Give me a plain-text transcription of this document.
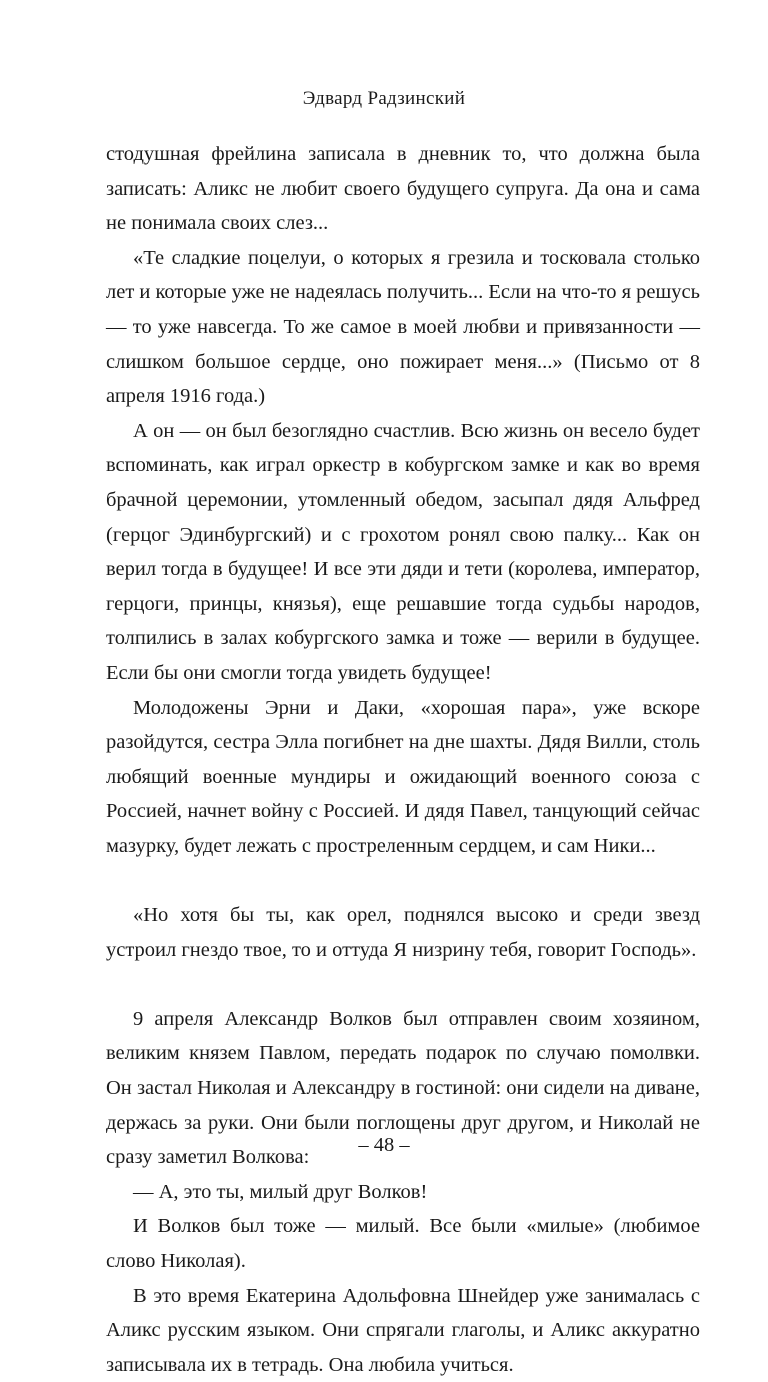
Эдвард Радзинский

стодушная фрейлина записала в дневник то, что должна была записать: Аликс не любит своего будущего супруга. Да она и сама не понимала своих слез...

«Те сладкие поцелуи, о которых я грезила и тосковала столько лет и которые уже не надеялась получить... Если на что-то я решусь — то уже навсегда. То же самое в моей любви и привязанности — слишком большое сердце, оно пожирает меня...» (Письмо от 8 апреля 1916 года.)

А он — он был безоглядно счастлив. Всю жизнь он весело будет вспоминать, как играл оркестр в кобургском замке и как во время брачной церемонии, утомленный обедом, засыпал дядя Альфред (герцог Эдинбургский) и с грохотом ронял свою палку... Как он верил тогда в будущее! И все эти дяди и тети (королева, император, герцоги, принцы, князья), еще решавшие тогда судьбы народов, толпились в залах кобургского замка и тоже — верили в будущее. Если бы они смогли тогда увидеть будущее!

Молодожены Эрни и Даки, «хорошая пара», уже вскоре разойдутся, сестра Элла погибнет на дне шахты. Дядя Вилли, столь любящий военные мундиры и ожидающий военного союза с Россией, начнет войну с Россией. И дядя Павел, танцующий сейчас мазурку, будет лежать с простреленным сердцем, и сам Ники...

«Но хотя бы ты, как орел, поднялся высоко и среди звезд устроил гнездо твое, то и оттуда Я низрину тебя, говорит Господь».

9 апреля Александр Волков был отправлен своим хозяином, великим князем Павлом, передать подарок по случаю помолвки. Он застал Николая и Александру в гостиной: они сидели на диване, держась за руки. Они были поглощены друг другом, и Николай не сразу заметил Волкова:

— А, это ты, милый друг Волков!

И Волков был тоже — милый. Все были «милые» (любимое слово Николая).

В это время Екатерина Адольфовна Шнейдер уже занималась с Аликс русским языком. Они спрягали глаголы, и Аликс аккуратно записывала их в тетрадь. Она любила учиться.

– 48 –
